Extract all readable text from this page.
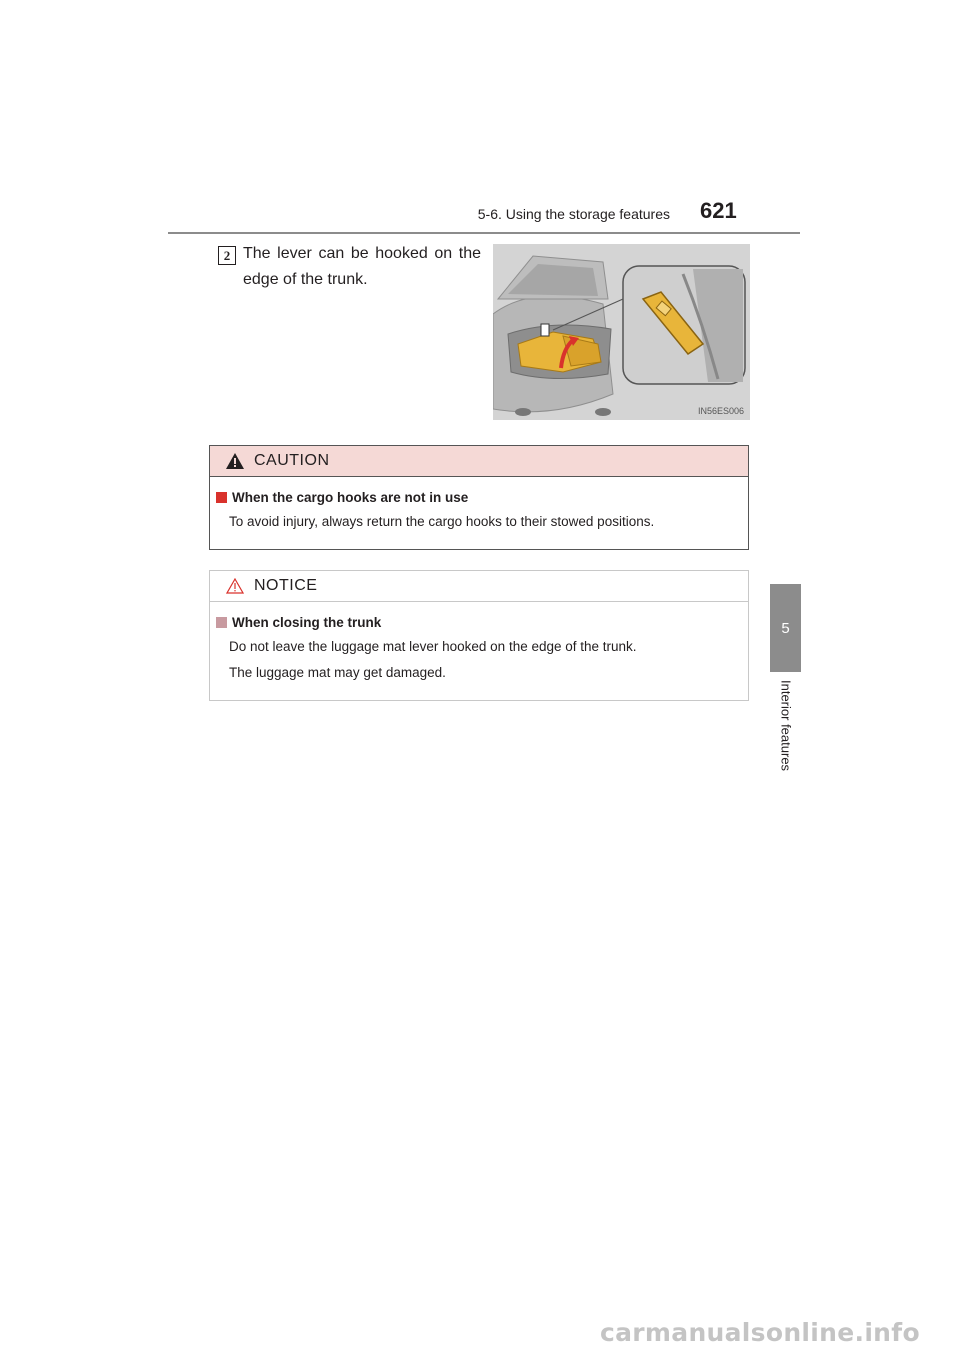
5-6. Using the storage features 621
5
Interior features
2 The lever can be hooked on the edge of the trunk.
IN56ES006
CAUTION
When the cargo hooks are not in use
To avoid injury, always return the cargo hooks to their stowed positions.
NOTICE
When closing the trunk
Do not leave the luggage mat lever hooked on the edge of the trunk.
The luggage mat may get damaged.
carmanualsonline.info
